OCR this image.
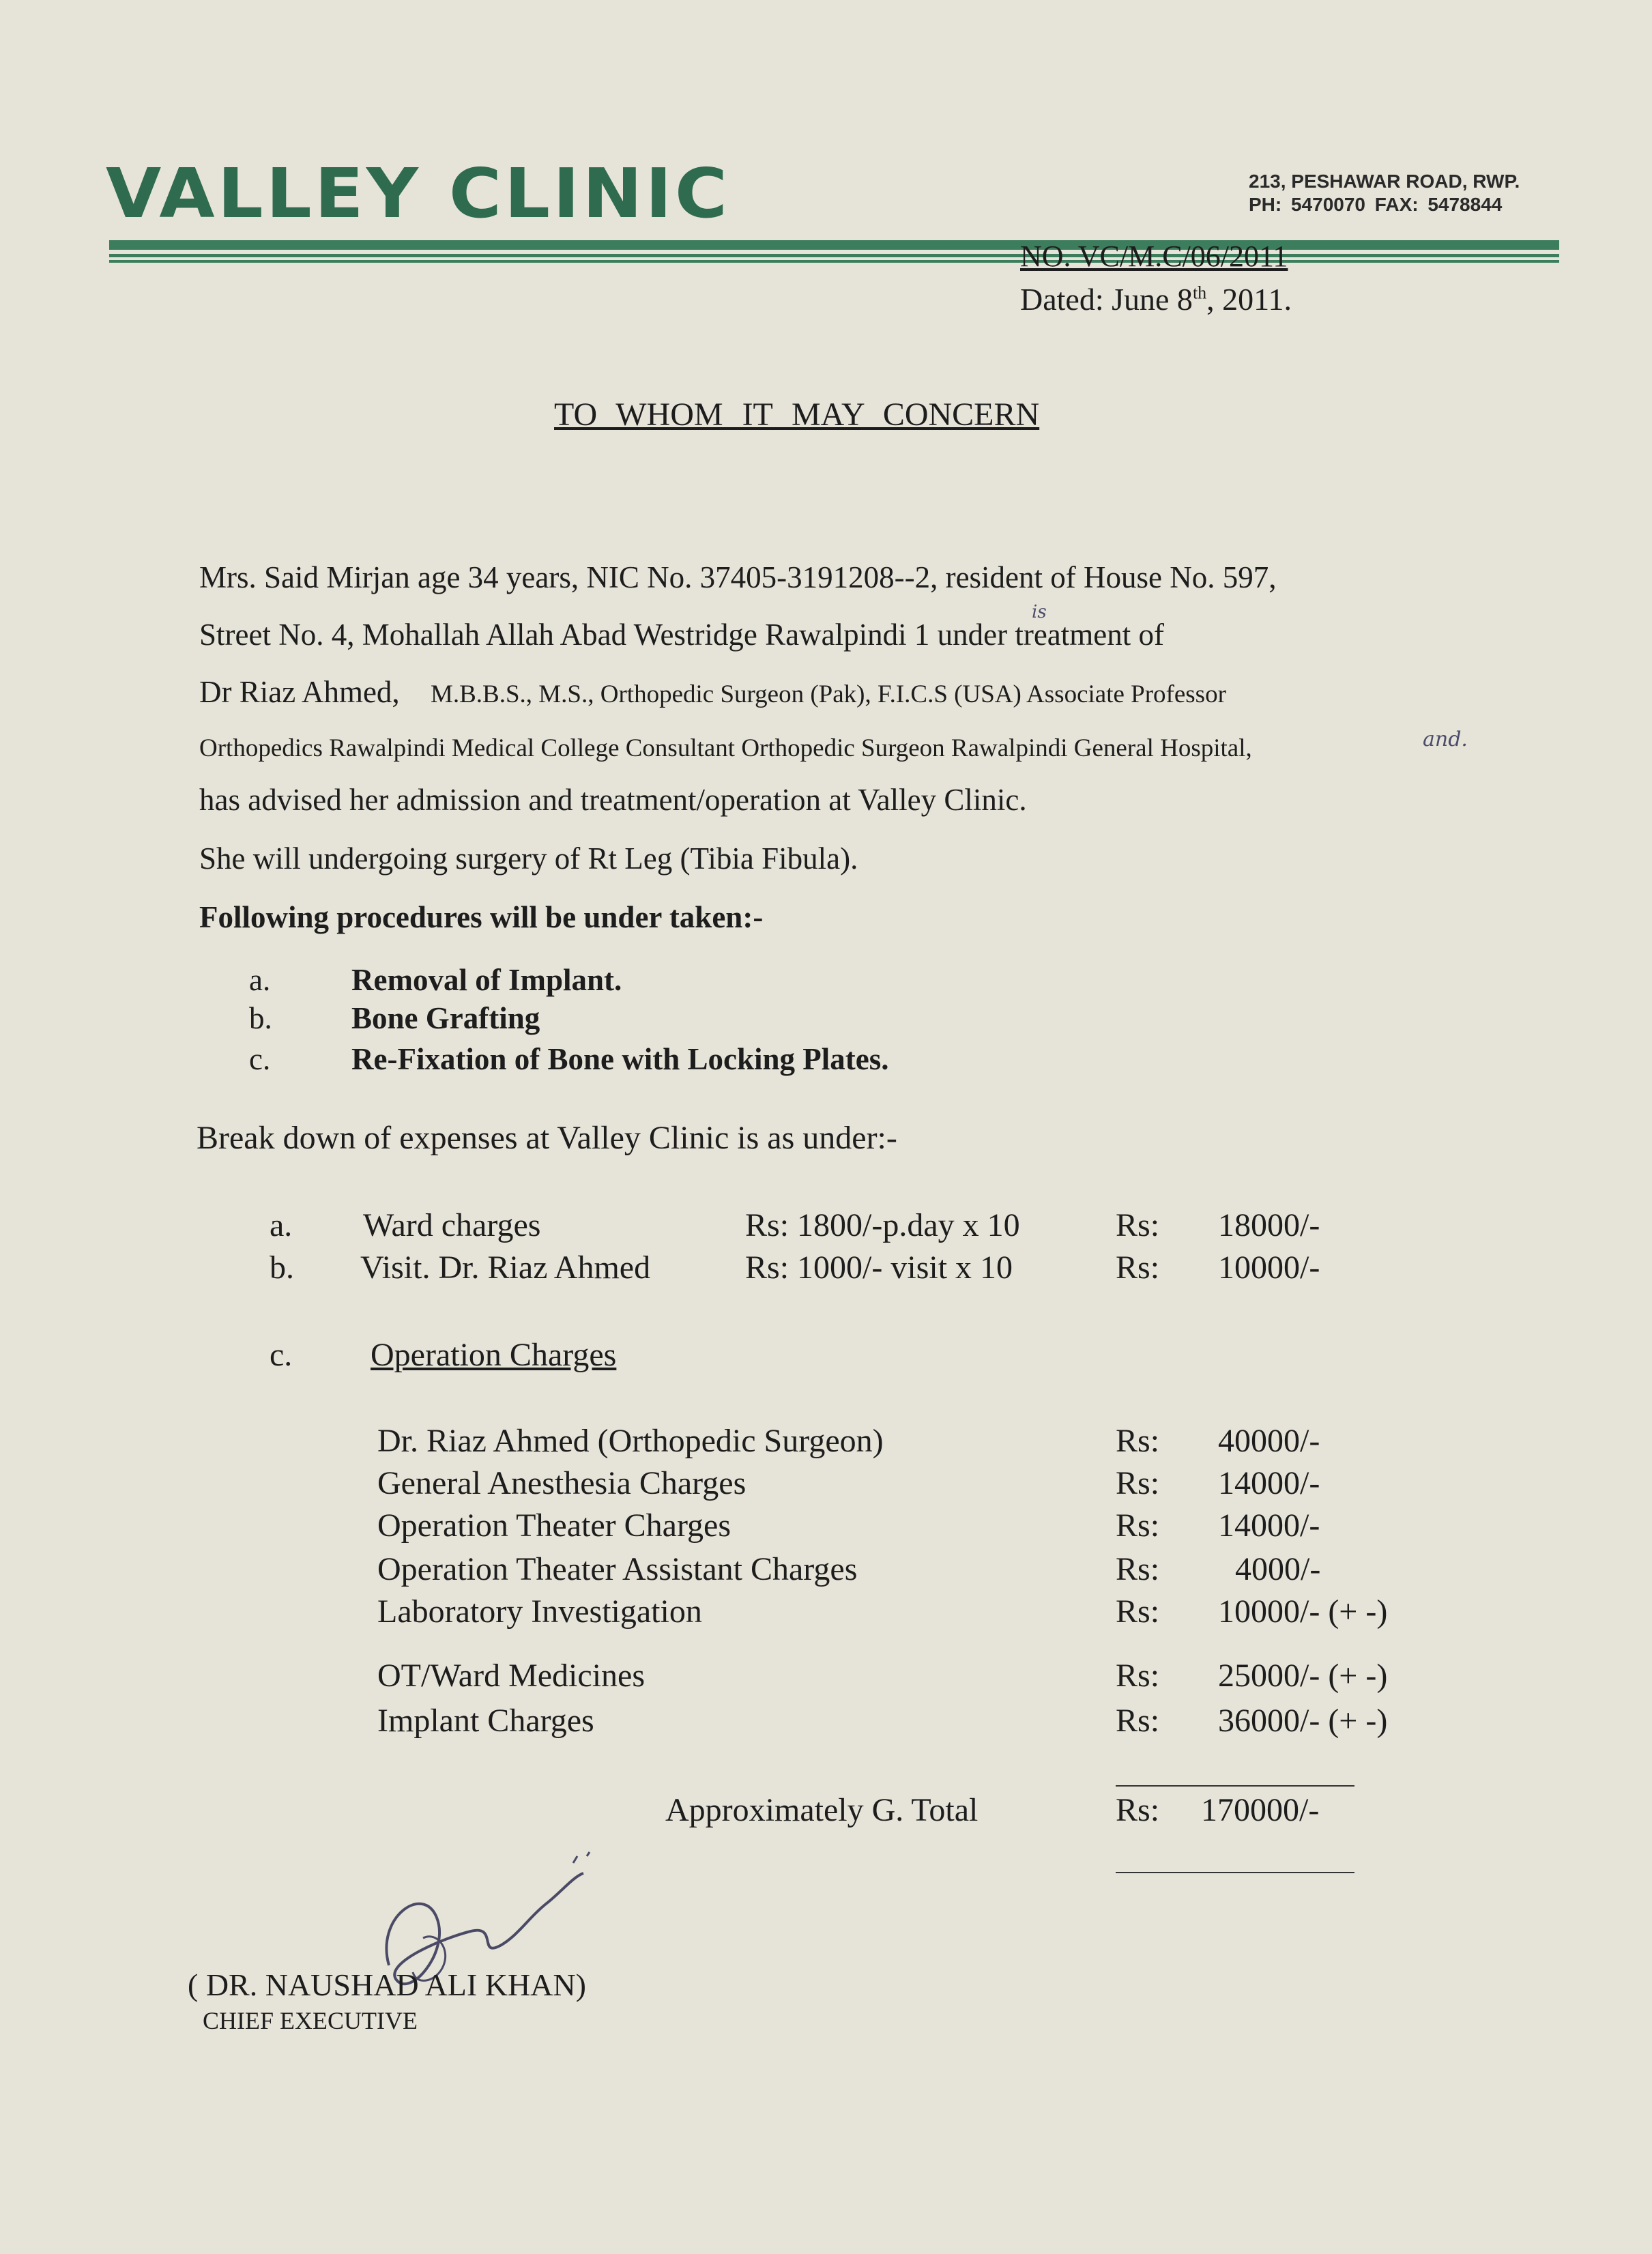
VALLEY CLINIC	213, PESHAWAR ROAD, RWP.
PH: 5470070 FAX: 5478844
NO. VC/M.C/06/2011
Dated: June 8th, 2011.
TO WHOM IT MAY CONCERN
Mrs. Said Mirjan age 34 years, NIC No. 37405-3191208--2, resident of House No. 597,
Street No. 4, Mohallah Allah Abad Westridge Rawalpindi 1 under treatment of
is
Dr Riaz Ahmed, M.B.B.S., M.S., Orthopedic Surgeon (Pak), F.I.C.S (USA) Associate Professor
Orthopedics Rawalpindi Medical College Consultant Orthopedic Surgeon Rawalpindi General Hospital,	and.
has advised her admission and treatment/operation at Valley Clinic.
She will undergoing surgery of Rt Leg (Tibia Fibula).
Following procedures will be under taken:-
a.	Removal of Implant.
b.	Bone Grafting
c.	Re-Fixation of Bone with Locking Plates.
Break down of expenses at Valley Clinic is as under:-
a. Ward charges	Rs: 1800/-p.day x 10	Rs: 18000/-
b. Visit. Dr. Riaz Ahmed	Rs: 1000/- visit x 10	Rs: 10000/-
c. Operation Charges
Dr. Riaz Ahmed (Orthopedic Surgeon)	Rs: 40000/-
General Anesthesia Charges	Rs: 14000/-
Operation Theater Charges	Rs: 14000/-
Operation Theater Assistant Charges	Rs: 4000/-
Laboratory Investigation	Rs: 10000/- (+ -)
OT/Ward Medicines	Rs: 25000/- (+ -)
Implant Charges	Rs: 36000/- (+ -)
Approximately G. Total	Rs: 170000/-
( DR. NAUSHAD ALI KHAN)
CHIEF EXECUTIVE
